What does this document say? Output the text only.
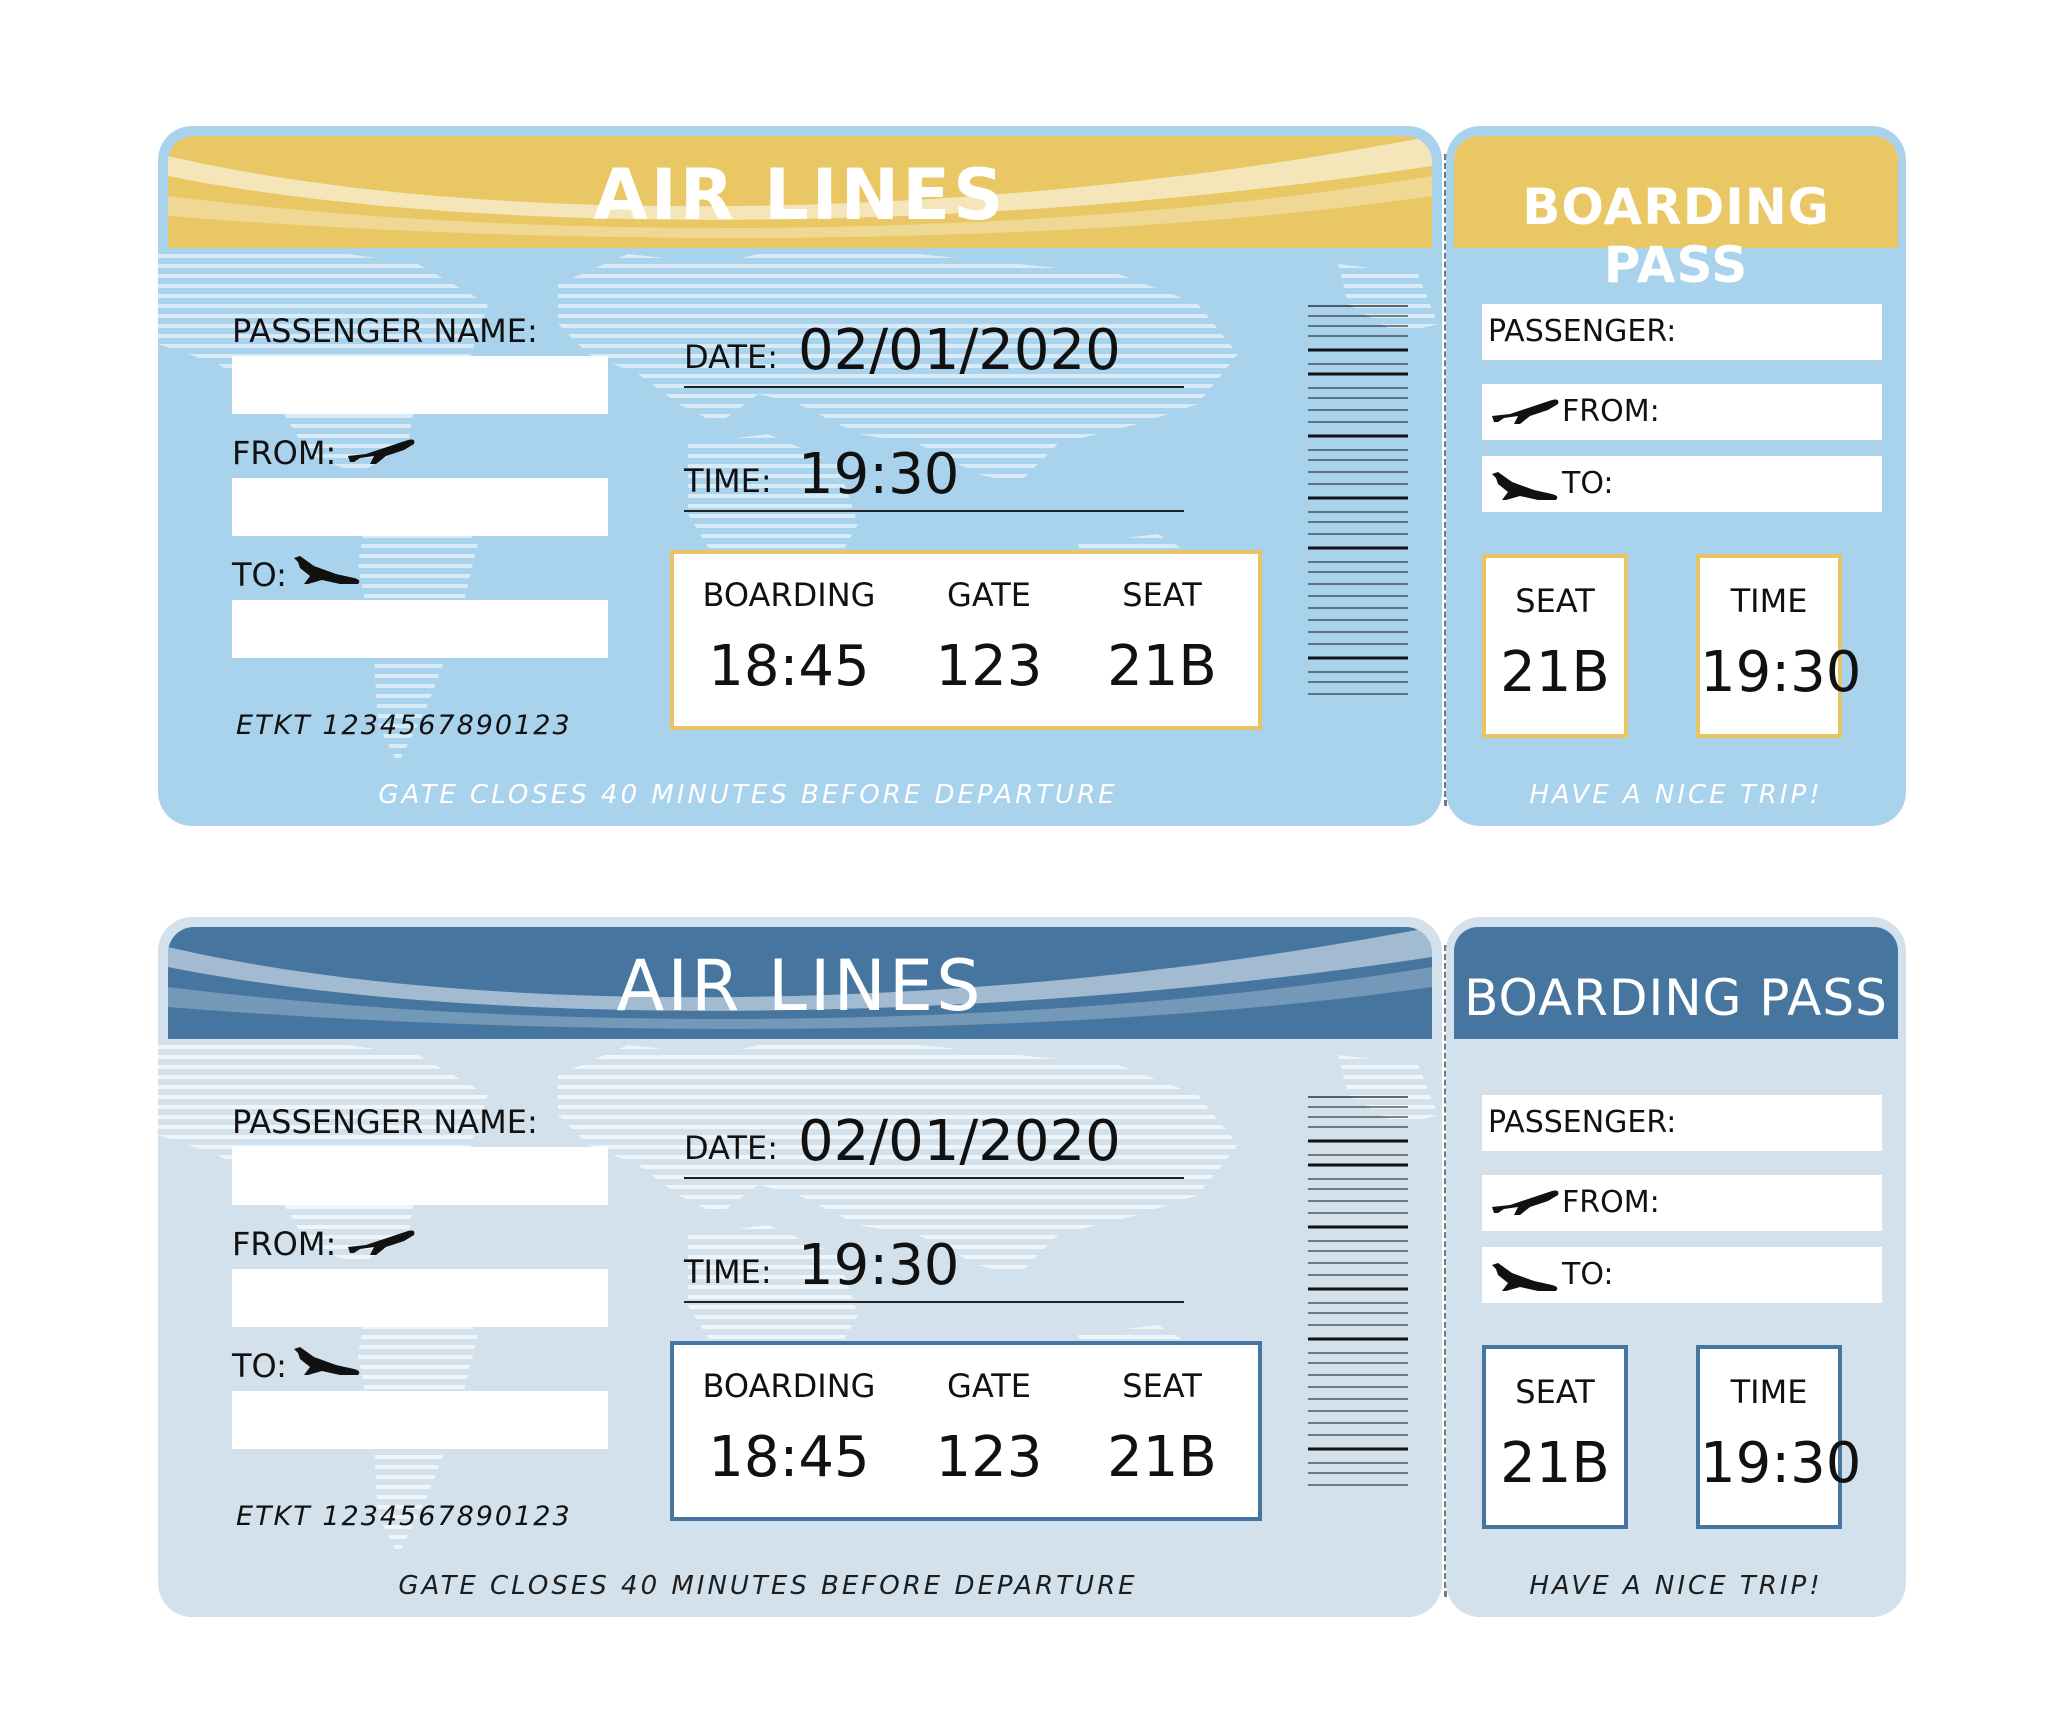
AIR LINES
PASSENGER NAME:
FROM:
TO:
DATE: 02/01/2020
TIME: 19:30
BOARDING
18:45
GATE
123
SEAT
21B
ETKT 1234567890123
GATE CLOSES 40 MINUTES BEFORE DEPARTURE
BOARDING PASS
PASSENGER:
FROM:
TO:
SEAT
21B
TIME
19:30
HAVE A NICE TRIP!
AIR LINES
PASSENGER NAME:
FROM:
TO:
DATE: 02/01/2020
TIME: 19:30
BOARDING
18:45
GATE
123
SEAT
21B
ETKT 1234567890123
GATE CLOSES 40 MINUTES BEFORE DEPARTURE
BOARDING PASS
PASSENGER:
FROM:
TO:
SEAT
21B
TIME
19:30
HAVE A NICE TRIP!
